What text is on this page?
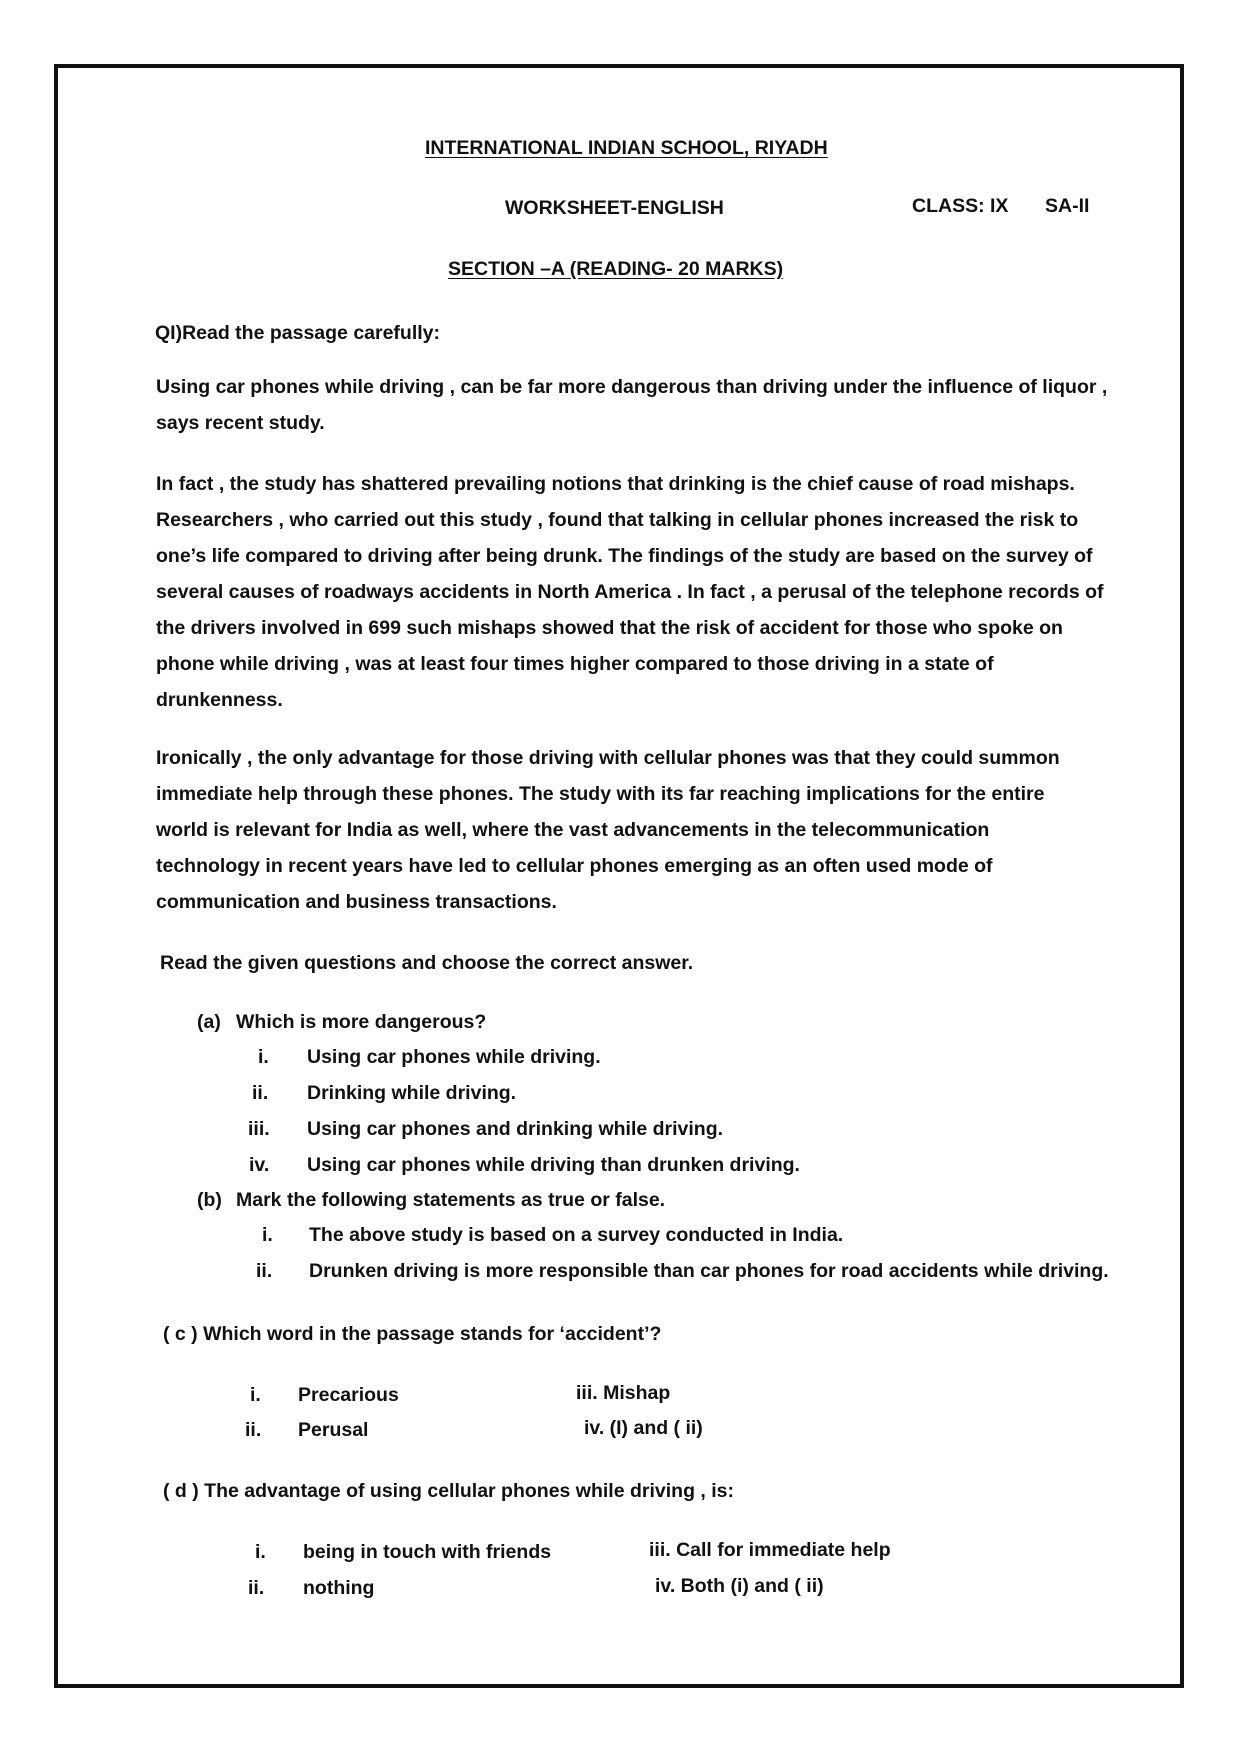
INTERNATIONAL INDIAN SCHOOL, RIYADH
WORKSHEET-ENGLISH	CLASS: IX SA-II
SECTION –A (READING- 20 MARKS)
QI)Read the passage carefully:
Using car phones while driving , can be far more dangerous than driving under the influence of liquor ,
says recent study.
In fact , the study has shattered prevailing notions that drinking is the chief cause of road mishaps.
Researchers , who carried out this study , found that talking in cellular phones increased the risk to
one’s life compared to driving after being drunk. The findings of the study are based on the survey of
several causes of roadways accidents in North America . In fact , a perusal of the telephone records of
the drivers involved in 699 such mishaps showed that the risk of accident for those who spoke on
phone while driving , was at least four times higher compared to those driving in a state of
drunkenness.
Ironically , the only advantage for those driving with cellular phones was that they could summon
immediate help through these phones. The study with its far reaching implications for the entire
world is relevant for India as well, where the vast advancements in the telecommunication
technology in recent years have led to cellular phones emerging as an often used mode of
communication and business transactions.
Read the given questions and choose the correct answer.
(a) Which is more dangerous?
i. Using car phones while driving.
ii. Drinking while driving.
iii. Using car phones and drinking while driving.
iv. Using car phones while driving than drunken driving.
(b) Mark the following statements as true or false.
i. The above study is based on a survey conducted in India.
ii. Drunken driving is more responsible than car phones for road accidents while driving.
( c ) Which word in the passage stands for ‘accident’?
i. Precarious
ii. Perusal
iii. Mishap
iv. (I) and ( ii)
( d ) The advantage of using cellular phones while driving , is:
i. being in touch with friends
ii. nothing
iii. Call for immediate help
iv. Both (i) and ( ii)
